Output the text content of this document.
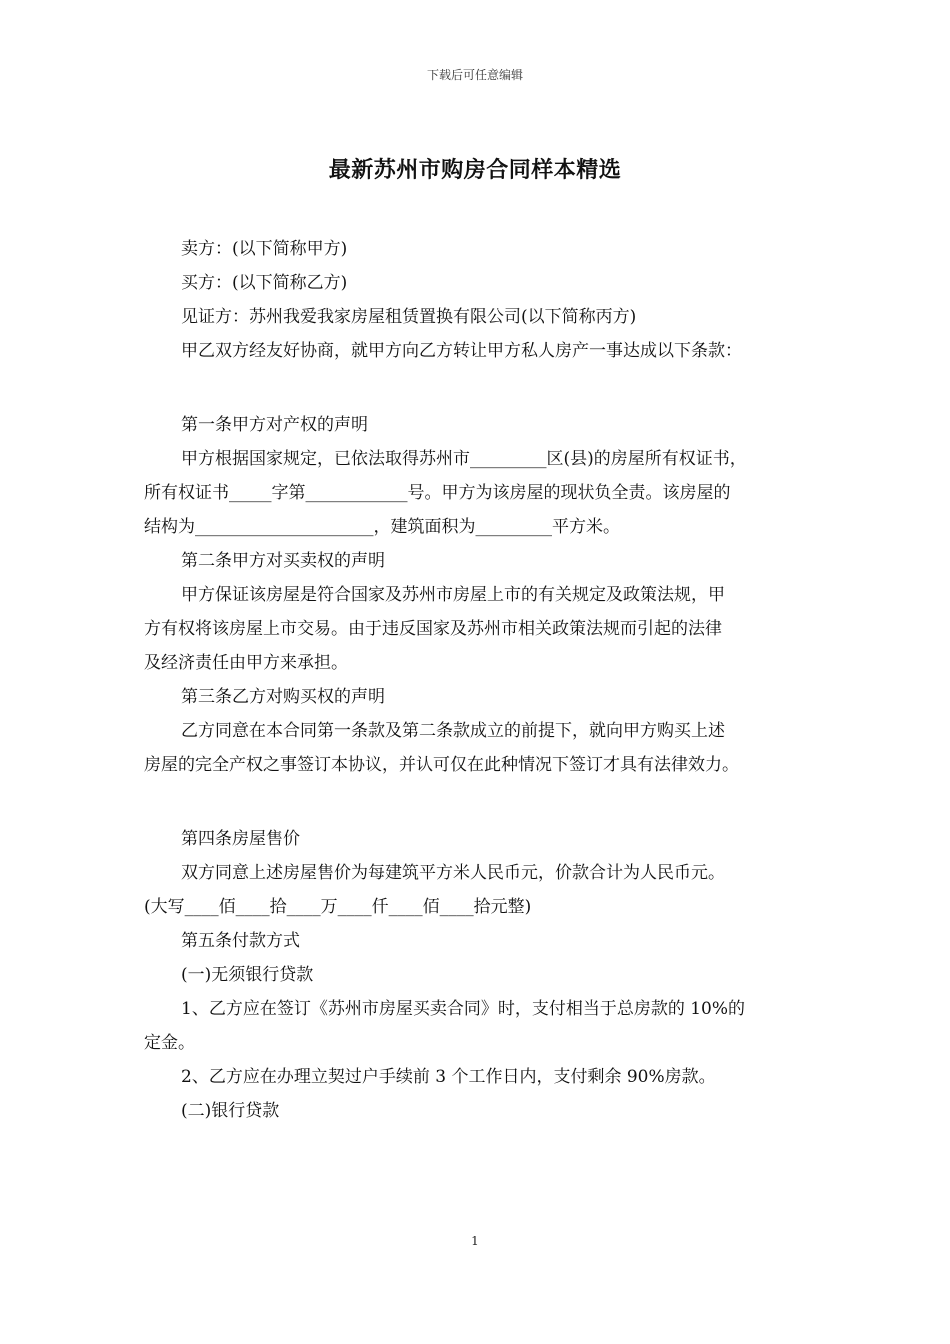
下载后可任意编辑
最新苏州市购房合同样本精选
卖方：(以下简称甲方)
买方：(以下简称乙方)
见证方：苏州我爱我家房屋租赁置换有限公司(以下简称丙方)
甲乙双方经友好协商，就甲方向乙方转让甲方私人房产一事达成以下条款：
第一条甲方对产权的声明
甲方根据国家规定，已依法取得苏州市_________区(县)的房屋所有权证书，
所有权证书_____字第____________号。甲方为该房屋的现状负全责。该房屋的
结构为_____________________，建筑面积为_________平方米。
第二条甲方对买卖权的声明
甲方保证该房屋是符合国家及苏州市房屋上市的有关规定及政策法规，甲
方有权将该房屋上市交易。由于违反国家及苏州市相关政策法规而引起的法律
及经济责任由甲方来承担。
第三条乙方对购买权的声明
乙方同意在本合同第一条款及第二条款成立的前提下，就向甲方购买上述
房屋的完全产权之事签订本协议，并认可仅在此种情况下签订才具有法律效力。
第四条房屋售价
双方同意上述房屋售价为每建筑平方米人民币元，价款合计为人民币元。
(大写____佰____拾____万____仟____佰____拾元整)
第五条付款方式
(一)无须银行贷款
1、乙方应在签订《苏州市房屋买卖合同》时，支付相当于总房款的 10%的
定金。
2、乙方应在办理立契过户手续前 3 个工作日内，支付剩余 90%房款。
(二)银行贷款
1
